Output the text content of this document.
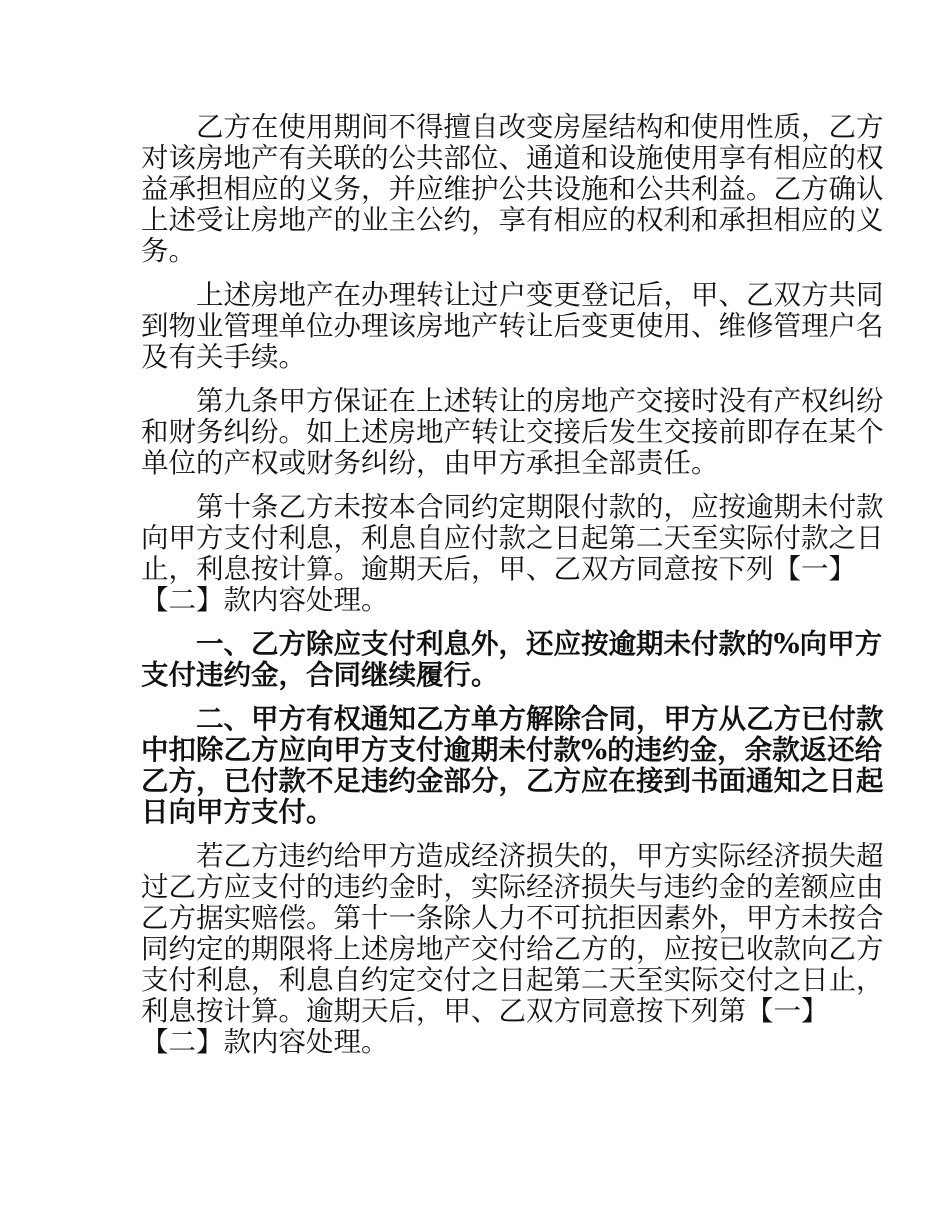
　　乙方在使用期间不得擅自改变房屋结构和使用性质，乙方
对该房地产有关联的公共部位、通道和设施使用享有相应的权
益承担相应的义务，并应维护公共设施和公共利益。乙方确认
上述受让房地产的业主公约，享有相应的权利和承担相应的义
务。
　　上述房地产在办理转让过户变更登记后，甲、乙双方共同
到物业管理单位办理该房地产转让后变更使用、维修管理户名
及有关手续。
　　第九条甲方保证在上述转让的房地产交接时没有产权纠纷
和财务纠纷。如上述房地产转让交接后发生交接前即存在某个
单位的产权或财务纠纷，由甲方承担全部责任。
　　第十条乙方未按本合同约定期限付款的，应按逾期未付款
向甲方支付利息，利息自应付款之日起第二天至实际付款之日
止，利息按计算。逾期天后，甲、乙双方同意按下列【一】
【二】款内容处理。
　　一、乙方除应支付利息外，还应按逾期未付款的%向甲方
支付违约金，合同继续履行。
　　二、甲方有权通知乙方单方解除合同，甲方从乙方已付款
中扣除乙方应向甲方支付逾期未付款%的违约金，余款返还给
乙方，已付款不足违约金部分，乙方应在接到书面通知之日起
日向甲方支付。
　　若乙方违约给甲方造成经济损失的，甲方实际经济损失超
过乙方应支付的违约金时，实际经济损失与违约金的差额应由
乙方据实赔偿。第十一条除人力不可抗拒因素外，甲方未按合
同约定的期限将上述房地产交付给乙方的，应按已收款向乙方
支付利息，利息自约定交付之日起第二天至实际交付之日止，
利息按计算。逾期天后，甲、乙双方同意按下列第【一】
【二】款内容处理。
